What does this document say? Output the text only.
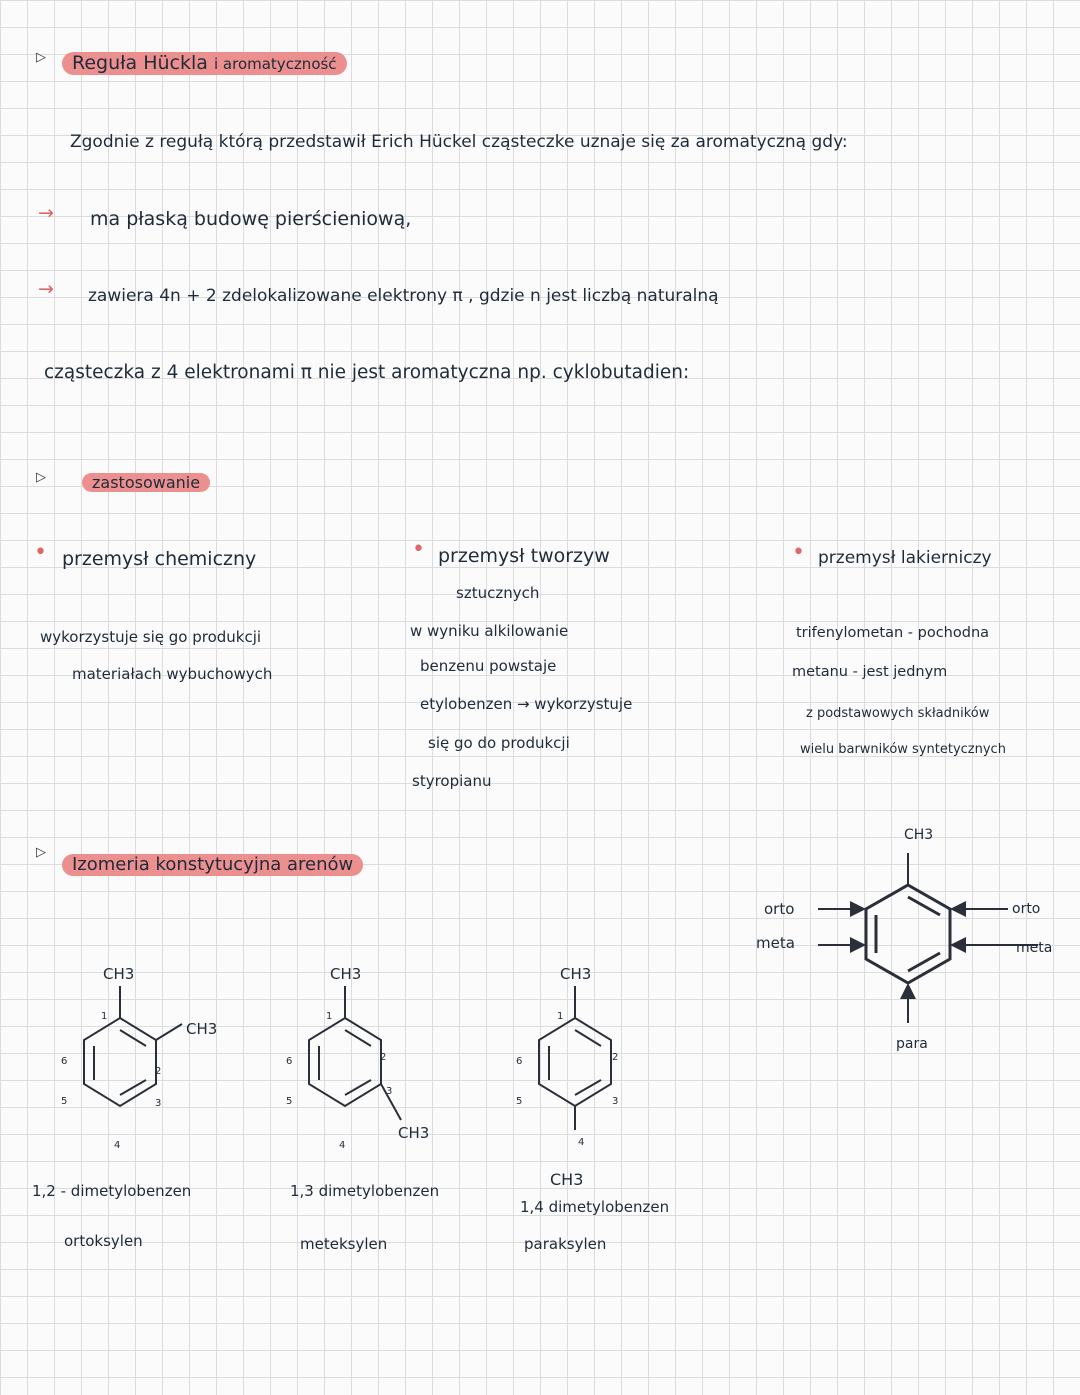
▷	Reguła Hückla i aromatyczność
Zgodnie z regułą którą przedstawił Erich Hückel cząsteczke uznaje się za aromatyczną gdy:
→ ma płaską budowę pierścieniową,
→ zawiera 4n + 2 zdelokalizowane elektrony π , gdzie n jest liczbą naturalną
cząsteczka z 4 elektronami π nie jest aromatyczna np. cyklobutadien:
▷	zastosowanie
• przemysł chemiczny
wykorzystuje się go produkcji
materiałach wybuchowych
• przemysł tworzyw
sztucznych
w wyniku alkilowanie
benzenu powstaje
etylobenzen → wykorzystuje
się go do produkcji
styropianu
• przemysł lakierniczy
trifenylometan - pochodna
metanu - jest jednym
z podstawowych składników
wielu barwników syntetycznych
▷
Izomeria konstytucyjna arenów
CH3
CH3
1
2
3
4
5
6
1,2 - dimetylobenzen
ortoksylen
CH3
CH3
1
2
3
4
5
6
1,3 dimetylobenzen
meteksylen
CH3
CH3
1
2
3
4
5
6
1,4 dimetylobenzen
paraksylen
CH3
orto
meta
orto
meta
para
